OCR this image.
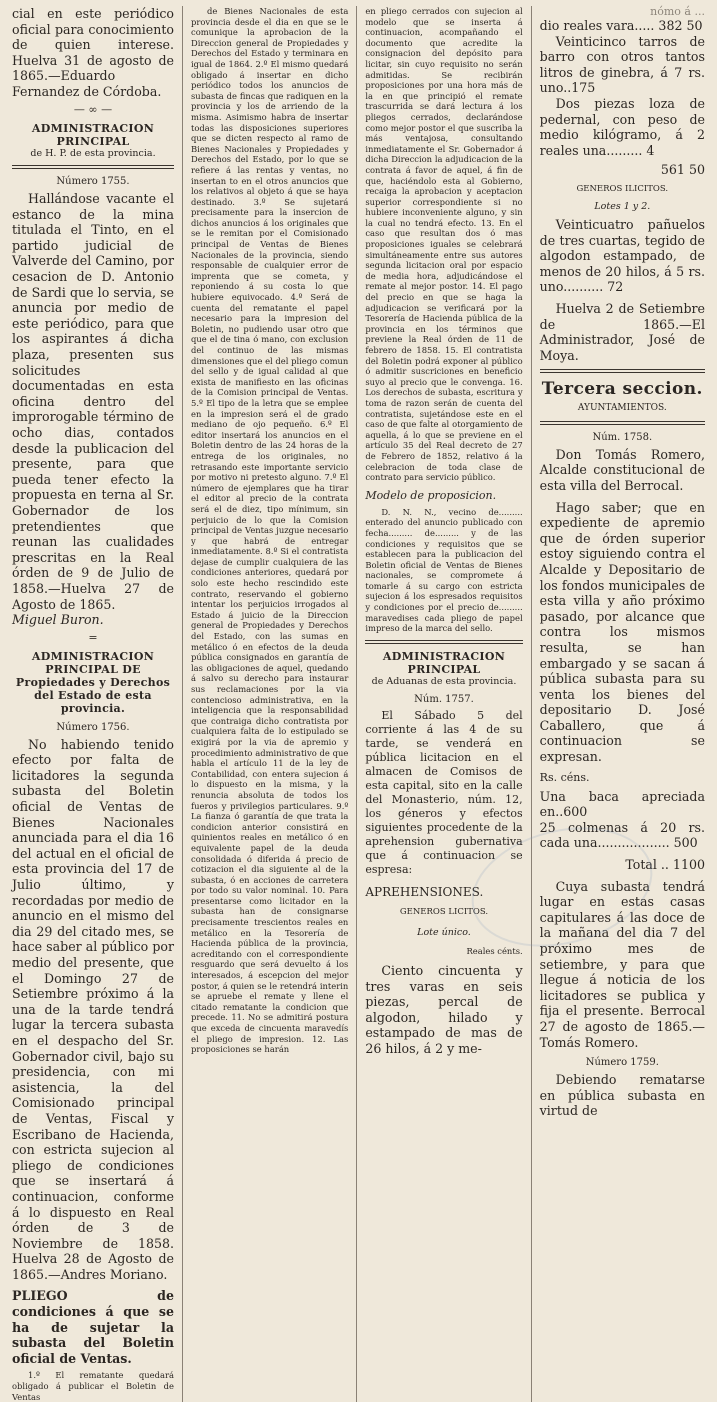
cial en este periódico oficial para conocimiento de quien interese. Huelva 31 de agosto de 1865.—Eduardo Fernandez de Córdoba.

— ∞ —

ADMINISTRACION PRINCIPAL

de H. P. de esta provincia.

Número 1755.

Hallándose vacante el estanco de la mina titulada el Tinto, en el partido judicial de Valverde del Camino, por cesacion de D. Antonio de Sardi que lo servia, se anuncia por medio de este periódico, para que los aspirantes á dicha plaza, presenten sus solicitudes documentadas en esta oficina dentro del improrogable término de ocho dias, contados desde la publicacion del presente, para que pueda tener efecto la propuesta en terna al Sr. Gobernador de los pretendientes que reunan las cualidades prescritas en la Real órden de 9 de Julio de 1858.—Huelva 27 de Agosto de 1865.

Miguel Buron.

=

ADMINISTRACION PRINCIPAL DE Propiedades y Derechos del Estado de esta provincia.

Número 1756.

No habiendo tenido efecto por falta de licitadores la segunda subasta del Boletin oficial de Ventas de Bienes Nacionales anunciada para el dia 16 del actual en el oficial de esta provincia del 17 de Julio último, y recordadas por medio de anuncio en el mismo del dia 29 del citado mes, se hace saber al público por medio del presente, que el Domingo 27 de Setiembre próximo á la una de la tarde tendrá lugar la tercera subasta en el despacho del Sr. Gobernador civil, bajo su presidencia, con mi asistencia, la del Comisionado principal de Ventas, Fiscal y Escribano de Hacienda, con estricta sujecion al pliego de condiciones que se insertará á continuacion, conforme á lo dispuesto en Real órden de 3 de Noviembre de 1858. Huelva 28 de Agosto de 1865.—Andres Moriano.

PLIEGO de condiciones á que se ha de sujetar la subasta del Boletin oficial de Ventas.

1.º El rematante quedará obligado á publicar el Boletin de Ventas

de Bienes Nacionales de esta provincia desde el dia en que se le comunique la aprobacion de la Direccion general de Propiedades y Derechos del Estado y terminara en igual de 1864. 2.º El mismo quedará obligado á insertar en dicho periódico todos los anuncios de subasta de fincas que radiquen en la provincia y los de arriendo de la misma. Asimismo habra de insertar todas las disposiciones superiores que se dicten respecto al ramo de Bienes Nacionales y Propiedades y Derechos del Estado, por lo que se refiere á las rentas y ventas, no insertan to en el otros anuncios que los relativos al objeto á que se haya destinado. 3.º Se sujetará precisamente para la insercion de dichos anuncios á los originales que se le remitan por el Comisionado principal de Ventas de Bienes Nacionales de la provincia, siendo responsable de cualquier error de imprenta que se cometa, y reponiendo á su costa lo que hubiere equivocado. 4.º Será de cuenta del rematante el papel necesario para la impresion del Boletin, no pudiendo usar otro que que el de tina ó mano, con exclusion del continuo de las mismas dimensiones que el del pliego comun del sello y de igual calidad al que exista de manifiesto en las oficinas de la Comision principal de Ventas. 5.º El tipo de la letra que se emplee en la impresion será el de grado mediano de ojo pequeño. 6.º El editor insertará los anuncios en el Boletin dentro de las 24 horas de la entrega de los originales, no retrasando este importante servicio por motivo ni pretesto alguno. 7.º El número de ejemplares que ha tirar el editor al precio de la contrata será el de diez, tipo mínimum, sin perjuicio de lo que la Comision principal de Ventas juzgue necesario y que habrá de entregar inmediatamente. 8.º Si el contratista dejase de cumplir cualquiera de las condiciones anteriores, quedará por solo este hecho rescindido este contrato, reservando el gobierno intentar los perjuicios irrogados al Estado á juicio de la Direccion general de Propiedades y Derechos del Estado, con las sumas en metálico ó en efectos de la deuda pública consignados en garantía de las obligaciones de aquel, quedando á salvo su derecho para instaurar sus reclamaciones por la via contencioso administrativa, en la inteligencia que la responsabilidad que contraiga dicho contratista por cualquiera falta de lo estipulado se exigirá por la via de apremio y procedimiento administrativo de que habla el artículo 11 de la ley de Contabilidad, con entera sujecion á lo dispuesto en la misma, y la renuncia absoluta de todos los fueros y privilegios particulares. 9.º La fianza ó garantía de que trata la condicion anterior consistirá en quinientos reales en metálico ó en equivalente papel de la deuda consolidada ó diferida á precio de cotizacion el dia siguiente al de la subasta, ó en acciones de carretera por todo su valor nominal. 10. Para presentarse como licitador en la subasta han de consignarse precisamente trescientos reales en metálico en la Tesorería de Hacienda pública de la provincia, acreditando con el correspondiente resguardo que será devuelto á los interesados, á escepcion del mejor postor, á quien se le retendrá interin se apruebe el remate y llene el citado rematante la condicion que precede. 11. No se admitirá postura que exceda de cincuenta maravedís el pliego de impresion. 12. Las proposiciones se harán

en pliego cerrados con sujecion al modelo que se inserta á continuacion, acompañando el documento que acredite la consignacion del depósito para licitar, sin cuyo requisito no serán admitidas. Se recibirán proposiciones por una hora más de la en que principió el remate trascurrida se dará lectura á los pliegos cerrados, declarándose como mejor postor el que suscriba la más ventajosa, consultando inmediatamente el Sr. Gobernador á dicha Direccion la adjudicacion de la contrata á favor de aquel, á fin de que, haciéndolo esta al Gobierno, recaiga la aprobacion y aceptacion superior correspondiente si no hubiere inconveniente alguno, y sin la cual no tendrá efecto. 13. En el caso que resultan dos ó mas proposiciones iguales se celebrará simultáneamente entre sus autores segunda licitacion oral por espacio de media hora, adjudicándose el remate al mejor postor. 14. El pago del precio en que se haga la adjudicacion se verificará por la Tesorería de Hacienda pública de la provincia en los términos que previene la Real órden de 11 de febrero de 1858. 15. El contratista del Boletin podrá exponer al público ó admitir suscriciones en beneficio suyo al precio que le convenga. 16. Los derechos de subasta, escritura y toma de razon serán de cuenta del contratista, sujetándose este en el caso de que falte al otorgamiento de aquella, á lo que se previene en el artículo 35 del Real decreto de 27 de Febrero de 1852, relativo á la celebracion de toda clase de contrato para servicio público.

Modelo de proposicion.

D. N. N., vecino de......... enterado del anuncio publicado con fecha......... de......... y de las condiciones y requisitos que se establecen para la publicacion del Boletin oficial de Ventas de Bienes nacionales, se compromete á tomarle á su cargo con estricta sujecion á los espresados requisitos y condiciones por el precio de......... maravedises cada pliego de papel impreso de la marca del sello.

ADMINISTRACION PRINCIPAL

de Aduanas de esta provincia.

Núm. 1757.

El Sábado 5 del corriente á las 4 de su tarde, se venderá en pública licitacion en el almacen de Comisos de esta capital, sito en la calle del Monasterio, núm. 12, los géneros y efectos siguientes procedente de la aprehension gubernativa que á continuacion se espresa:

APREHENSIONES.

GENEROS LICITOS.

Lote único.

Reales cénts.

Ciento cincuenta y tres varas en seis piezas, percal de algodon, hilado y estampado de mas de 26 hilos, á 2 y me-

nómo á ...

dio reales vara..... 382 50

Veinticinco tarros de barro con otros tantos litros de ginebra, á 7 rs. uno..175

Dos piezas loza de pedernal, con peso de medio kilógramo, á 2 reales una......... 4

561 50

GENEROS ILICITOS.

Lotes 1 y 2.

Veinticuatro pañuelos de tres cuartas, tegido de algodon estampado, de menos de 20 hilos, á 5 rs. uno.......... 72

Huelva 2 de Setiembre de 1865.—El Administrador, José de Moya.

Tercera seccion.

AYUNTAMIENTOS.

Núm. 1758.

Don Tomás Romero, Alcalde constitucional de esta villa del Berrocal.

Hago saber; que en expediente de apremio que de órden superior estoy siguiendo contra el Alcalde y Depositario de los fondos municipales de esta villa y año próximo pasado, por alcance que contra los mismos resulta, se han embargado y se sacan á pública subasta para su venta los bienes del depositario D. José Caballero, que á continuacion se expresan.

Rs. céns.

Una baca apreciada en..600

25 colmenas á 20 rs. cada una.................. 500

Total .. 1100

Cuya subasta tendrá lugar en estas casas capitulares á las doce de la mañana del dia 7 del próximo mes de setiembre, y para que llegue á noticia de los licitadores se publica y fija el presente. Berrocal 27 de agosto de 1865.—Tomás Romero.

Número 1759.

Debiendo rematarse en pública subasta en virtud de
